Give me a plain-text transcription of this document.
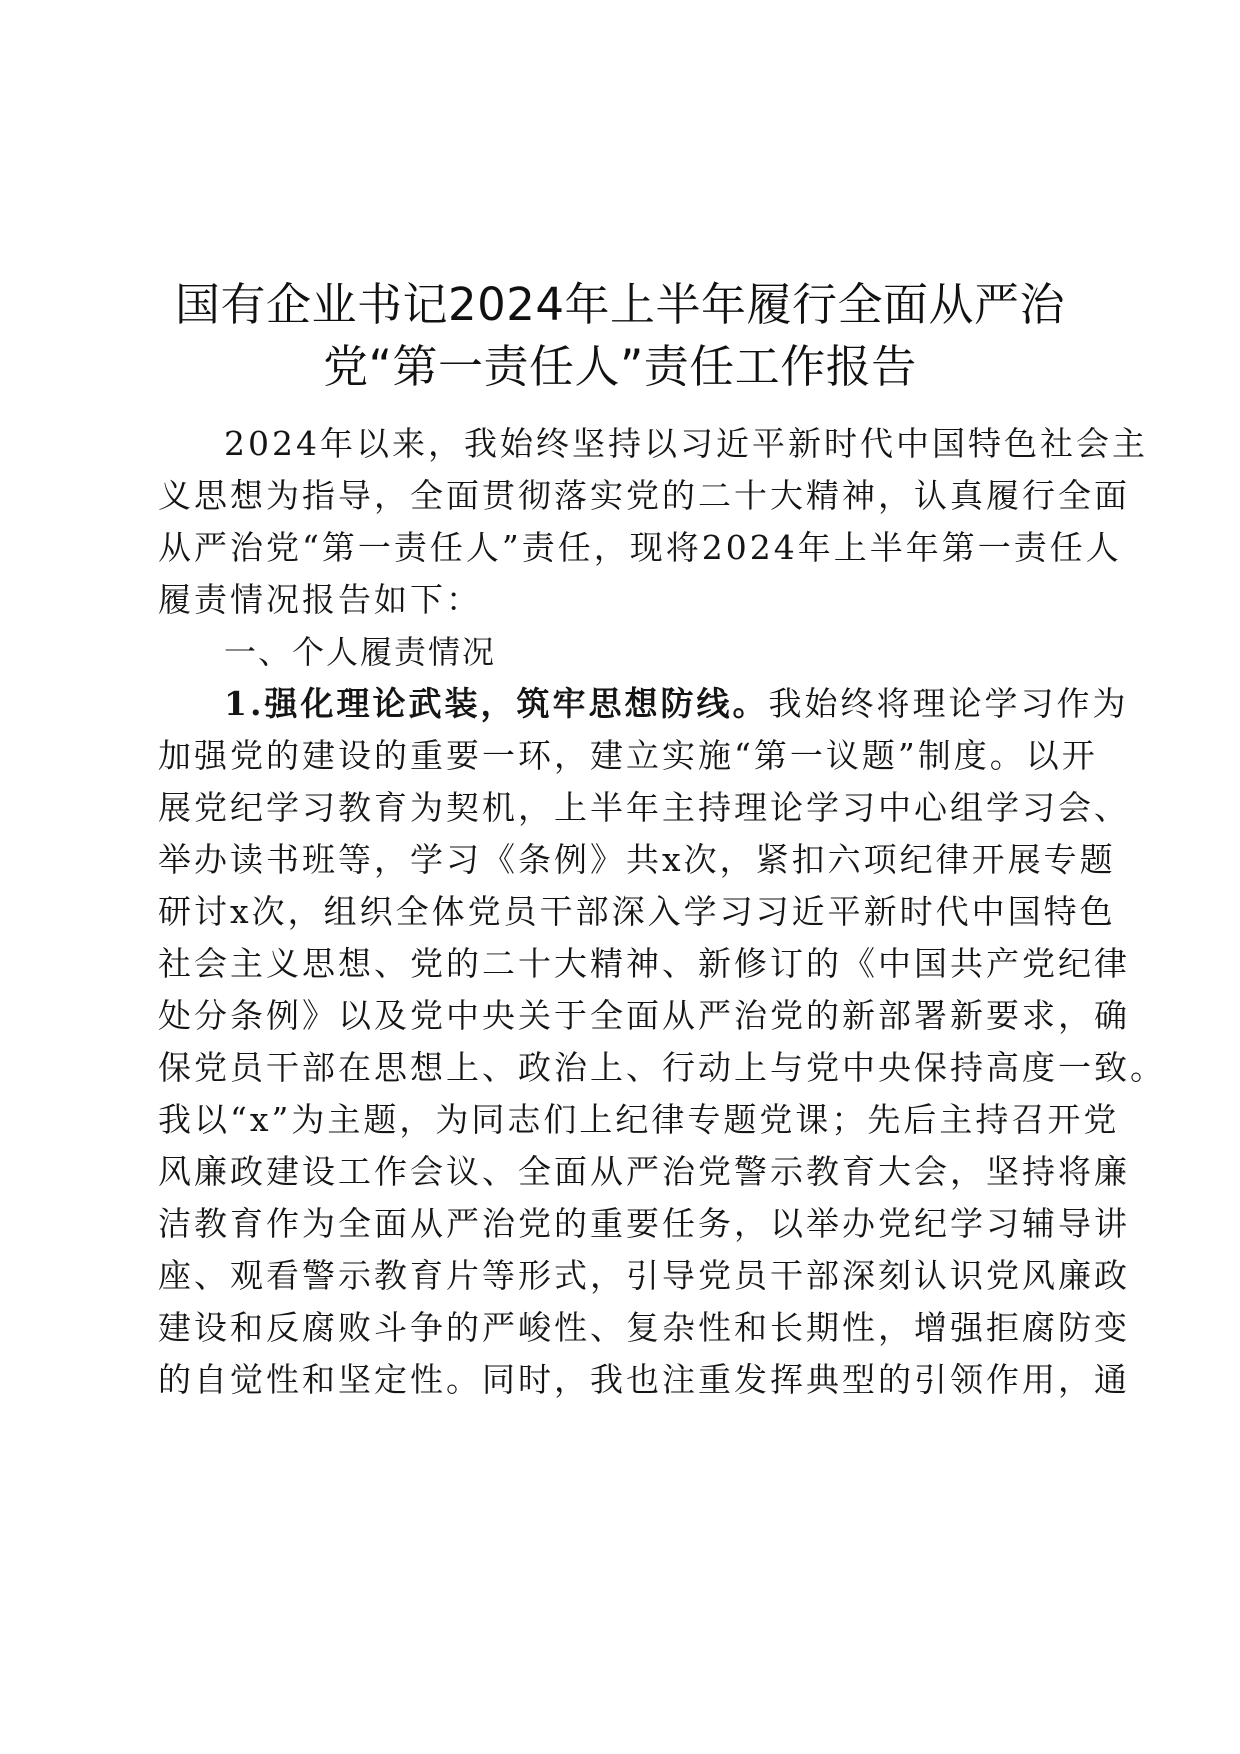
国有企业书记2024年上半年履行全面从严治
党“第一责任人”责任工作报告
2024年以来，我始终坚持以习近平新时代中国特色社会主
义思想为指导，全面贯彻落实党的二十大精神，认真履行全面
从严治党“第一责任人”责任，现将2024年上半年第一责任人
履责情况报告如下：
一、个人履责情况
1.强化理论武装，筑牢思想防线。我始终将理论学习作为
加强党的建设的重要一环，建立实施“第一议题”制度。以开
展党纪学习教育为契机，上半年主持理论学习中心组学习会、
举办读书班等，学习《条例》共x次，紧扣六项纪律开展专题
研讨x次，组织全体党员干部深入学习习近平新时代中国特色
社会主义思想、党的二十大精神、新修订的《中国共产党纪律
处分条例》以及党中央关于全面从严治党的新部署新要求，确
保党员干部在思想上、政治上、行动上与党中央保持高度一致。
我以“x”为主题，为同志们上纪律专题党课；先后主持召开党
风廉政建设工作会议、全面从严治党警示教育大会，坚持将廉
洁教育作为全面从严治党的重要任务，以举办党纪学习辅导讲
座、观看警示教育片等形式，引导党员干部深刻认识党风廉政
建设和反腐败斗争的严峻性、复杂性和长期性，增强拒腐防变
的自觉性和坚定性。同时，我也注重发挥典型的引领作用，通
